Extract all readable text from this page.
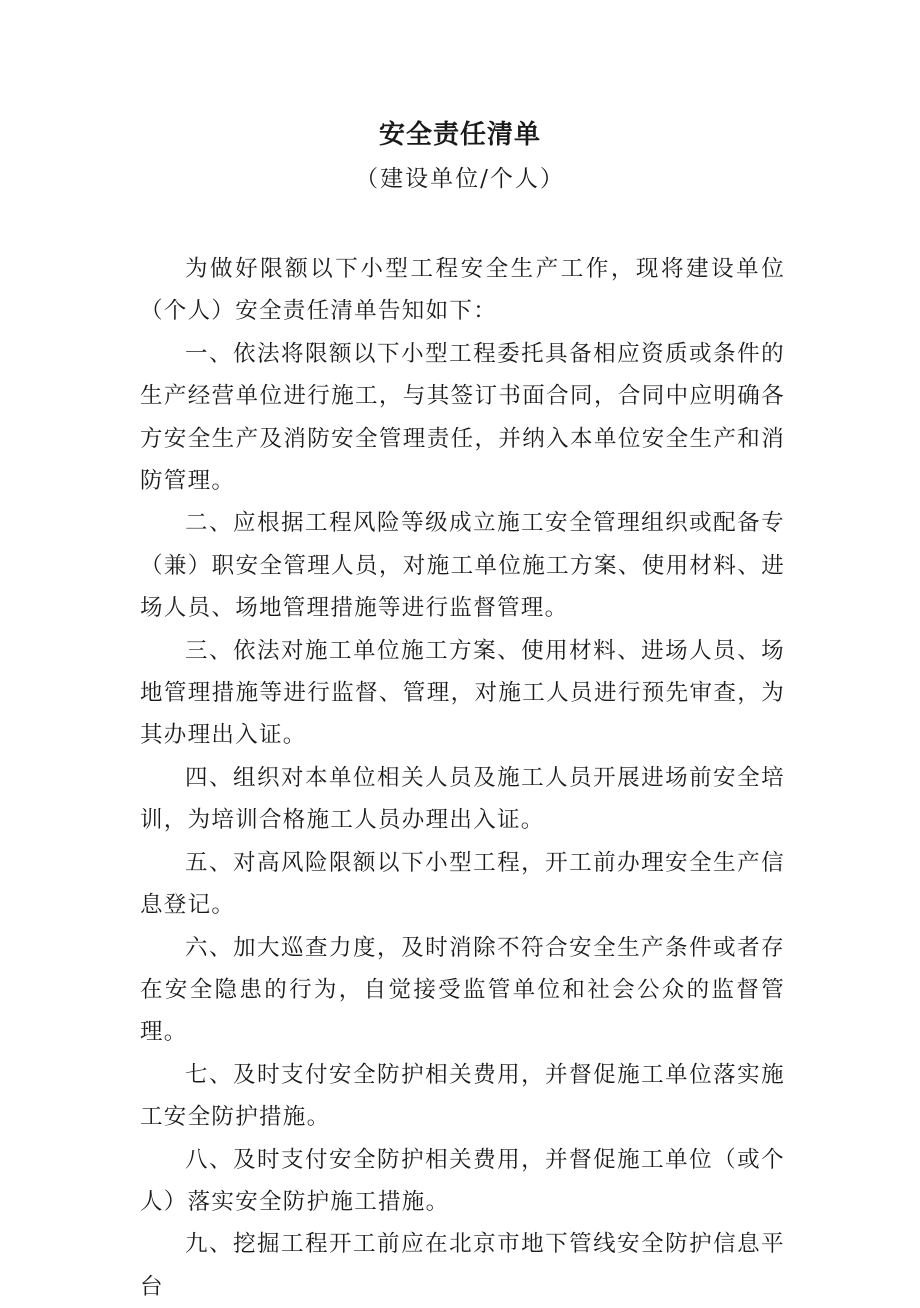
安全责任清单
（建设单位/个人）

为做好限额以下小型工程安全生产工作，现将建设单位（个人）安全责任清单告知如下：

一、依法将限额以下小型工程委托具备相应资质或条件的生产经营单位进行施工，与其签订书面合同，合同中应明确各方安全生产及消防安全管理责任，并纳入本单位安全生产和消防管理。

二、应根据工程风险等级成立施工安全管理组织或配备专（兼）职安全管理人员，对施工单位施工方案、使用材料、进场人员、场地管理措施等进行监督管理。

三、依法对施工单位施工方案、使用材料、进场人员、场地管理措施等进行监督、管理，对施工人员进行预先审查，为其办理出入证。

四、组织对本单位相关人员及施工人员开展进场前安全培训，为培训合格施工人员办理出入证。

五、对高风险限额以下小型工程，开工前办理安全生产信息登记。

六、加大巡查力度，及时消除不符合安全生产条件或者存在安全隐患的行为，自觉接受监管单位和社会公众的监督管理。

七、及时支付安全防护相关费用，并督促施工单位落实施工安全防护措施。

八、及时支付安全防护相关费用，并督促施工单位（或个人）落实安全防护施工措施。

九、挖掘工程开工前应在北京市地下管线安全防护信息平台
